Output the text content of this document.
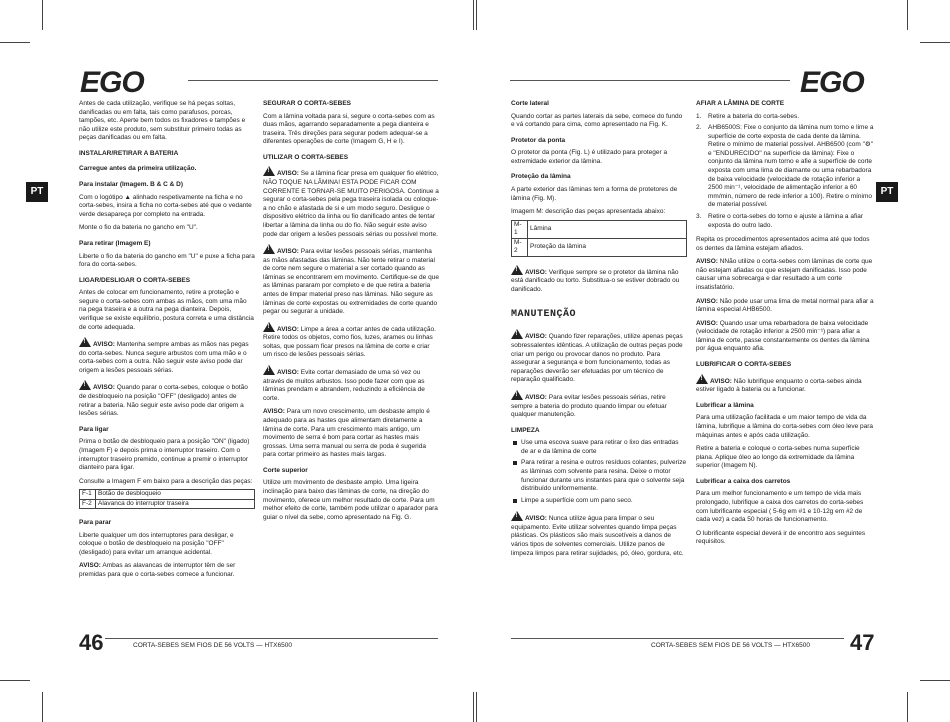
EGO
PT

Antes de cada utilização, verifique se há peças soltas, danificadas ou em falta, tais como parafusos, porcas, tampões, etc. Aperte bem todos os fixadores e tampões e não utilize este produto, sem substituir primeiro todas as peças danificadas ou em falta.

INSTALAR/RETIRAR A BATERIA
Carregue antes da primeira utilização.
Para instalar (Imagem. B & C & D)

Com o logótipo ▲ alinhado respetivamente na ficha e no corta-sebes, insira a ficha no corta-sebes até que o vedante verde desapareça por completo na entrada.

Monte o fio da bateria no gancho em "U".

Para retirar (Imagem E)

Liberte o fio da bateria do gancho em "U" e puxe a ficha para fora do corta-sebes.

LIGAR/DESLIGAR O CORTA-SEBES

Antes de colocar em funcionamento, retire a proteção e segure o corta-sebes com ambas as mãos, com uma mão na pega traseira e a outra na pega dianteira. Depois, verifique se existe equilíbrio, postura correta e uma distância de corte adequada.

!AVISO: Mantenha sempre ambas as mãos nas pegas do corta-sebes. Nunca segure arbustos com uma mão e o corta-sebes com a outra. Não seguir este aviso pode dar origem a lesões pessoais sérias.

!AVISO: Quando parar o corta-sebes, coloque o botão de desbloqueio na posição "OFF" (desligado) antes de retirar a bateria. Não seguir este aviso pode dar origem a lesões sérias.

Para ligar

Prima o botão de desbloqueio para a posição "ON" (ligado) (Imagem F) e depois prima o interruptor traseiro. Com o interruptor traseiro premido, continue a premir o interruptor dianteiro para ligar.

Consulte a Imagem F em baixo para a descrição das peças:

F-1	Botão de desbloqueio
F-2	Alavanca do interruptor traseira
Para parar

Liberte qualquer um dos interruptores para desligar, e coloque o botão de desbloqueio na posição "OFF" (desligado) para evitar um arranque acidental.

AVISO: Ambas as alavancas de interruptor têm de ser premidas para que o corta-sebes comece a funcionar.

SEGURAR O CORTA-SEBES

Com a lâmina voltada para si, segure o corta-sebes com as duas mãos, agarrando separadamente a pega dianteira e traseira. Três direções para segurar podem adequar-se a diferentes operações de corte (Imagem G, H e I).

UTILIZAR O CORTA-SEBES

!AVISO: Se a lâmina ficar presa em qualquer fio elétrico, NÃO TOQUE NA LÂMINA! ESTA PODE FICAR COM CORRENTE E TORNAR-SE MUITO PERIGOSA. Continue a segurar o corta-sebes pela pega traseira isolada ou coloque-a no chão e afastada de si e um modo seguro. Desligue o dispositivo elétrico da linha ou fio danificado antes de tentar libertar a lâmina da linha ou do fio. Não seguir este aviso pode dar origem a lesões pessoais sérias ou possível morte.

!AVISO: Para evitar lesões pessoais sérias, mantenha as mãos afastadas das lâminas. Não tente retirar o material de corte nem segure o material a ser cortado quando as lâminas se encontrarem em movimento. Certifique-se de que as lâminas pararam por completo e de que retira a bateria antes de limpar material preso nas lâminas. Não segure as lâminas de corte expostas ou extremidades de corte quando pegar ou segurar a unidade.

!AVISO: Limpe a área a cortar antes de cada utilização. Retire todos os objetos, como fios, luzes, arames ou linhas soltas, que possam ficar presos na lâmina de corte e criar um risco de lesões pessoais sérias.

!AVISO: Evite cortar demasiado de uma só vez ou através de muitos arbustos. Isso pode fazer com que as lâminas prendam e abrandem, reduzindo a eficiência de corte.

AVISO: Para um novo crescimento, um desbaste amplo é adequado para as hastes que alimentam diretamente a lâmina de corte. Para um crescimento mais antigo, um movimento de serra é bom para cortar as hastes mais grossas. Uma serra manual ou serra de poda é sugerida para cortar primeiro as hastes mais largas.

Corte superior

Utilize um movimento de desbaste amplo. Uma ligeira inclinação para baixo das lâminas de corte, na direção do movimento, oferece um melhor resultado de corte. Para um melhor efeito de corte, também pode utilizar o aparador para guiar o nível da sebe, como apresentado na Fig. G.

46	CORTA-SEBES SEM FIOS DE 56 VOLTS — HTX6500
EGO
PT
Corte lateral

Quando cortar as partes laterais da sebe, comece do fundo e vá cortando para cima, como apresentado na Fig. K.

Protetor da ponta

O protetor da ponta (Fig. L) é utilizado para proteger a extremidade exterior da lâmina.

Proteção da lâmina

A parte exterior das lâminas tem a forma de protetores de lâmina (Fig. M).

Imagem M: descrição das peças apresentada abaixo:

M-1	Lâmina
M-2	Proteção da lâmina

!AVISO: Verifique sempre se o protetor da lâmina não está danificado ou torto. Substitua-o se estiver dobrado ou danificado.

MANUTENÇÃO

!AVISO: Quando fizer reparações, utilize apenas peças sobressalentes idênticas. A utilização de outras peças pode criar um perigo ou provocar danos no produto. Para assegurar a segurança e bom funcionamento, todas as reparações deverão ser efetuadas por um técnico de reparação qualificado.

!AVISO: Para evitar lesões pessoais sérias, retire sempre a bateria do produto quando limpar ou efetuar qualquer manutenção.

LIMPEZA
Use uma escova suave para retirar o lixo das entradas de ar e da lâmina de corte
Para retirar a resina e outros resíduos colantes, pulverize as lâminas com solvente para resina. Deixe o motor funcionar durante uns instantes para que o solvente seja distribuído uniformemente.
Limpe a superfície com um pano seco.

!AVISO: Nunca utilize água para limpar o seu equipamento. Evite utilizar solventes quando limpa peças plásticas. Os plásticos são mais suscetíveis a danos de vários tipos de solventes comerciais. Utilize panos de limpeza limpos para retirar sujidades, pó, óleo, gordura, etc.

AFIAR A LÂMINA DE CORTE
1. Retire a bateria do corta-sebes.
2. AHB6500S: Fixe o conjunto da lâmina num torno e lime a superfície de corte exposta de cada dente da lâmina. Retire o mínimo de material possível. AHB6500 (com "⚙" e "ENDURECIDO" na superfície da lâmina): Fixe o conjunto da lâmina num torno e afie a superfície de corte exposta com uma lima de diamante ou uma rebarbadora de baixa velocidade (velocidade de rotação inferior a 2500 min⁻¹, velocidade de alimentação inferior a 60 mm/min, número de rede inferior a 100). Retire o mínimo de material possível.
3. Retire o corta-sebes do torno e ajuste a lâmina a afiar exposta do outro lado.

Repita os procedimentos apresentados acima até que todos os dentes da lâmina estejam afiados.

AVISO: NNão utilize o corta-sebes com lâminas de corte que não estejam afiadas ou que estejam danificadas. Isso pode causar uma sobrecarga e dar resultado a um corte insatisfatório.

AVISO: Não pode usar uma lima de metal normal para afiar a lâmina especial AHB6500.

AVISO: Quando usar uma rebarbadora de baixa velocidade (velocidade de rotação inferior a 2500 min⁻¹) para afiar a lâmina de corte, passe constantemente os dentes da lâmina por água enquanto afia.

LUBRIFICAR O CORTA-SEBES

!AVISO: Não lubrifique enquanto o corta-sebes ainda estiver ligado à bateria ou a funcionar.

Lubrificar a lâmina

Para uma utilização facilitada e um maior tempo de vida da lâmina, lubrifique a lâmina do corta-sebes com óleo leve para máquinas antes e após cada utilização.

Retire a bateria e coloque o corta-sebes numa superfície plana. Aplique óleo ao longo da extremidade da lâmina superior (Imagem N).

Lubrificar a caixa dos carretos

Para um melhor funcionamento e um tempo de vida mais prolongado, lubrifique a caixa dos carretos do corta-sebes com lubrificante especial ( 5-6g em #1 e 10-12g em #2 de cada vez) a cada 50 horas de funcionamento.

O lubrificante especial deverá ir de encontro aos seguintes requisitos.

CORTA-SEBES SEM FIOS DE 56 VOLTS — HTX6500 47
